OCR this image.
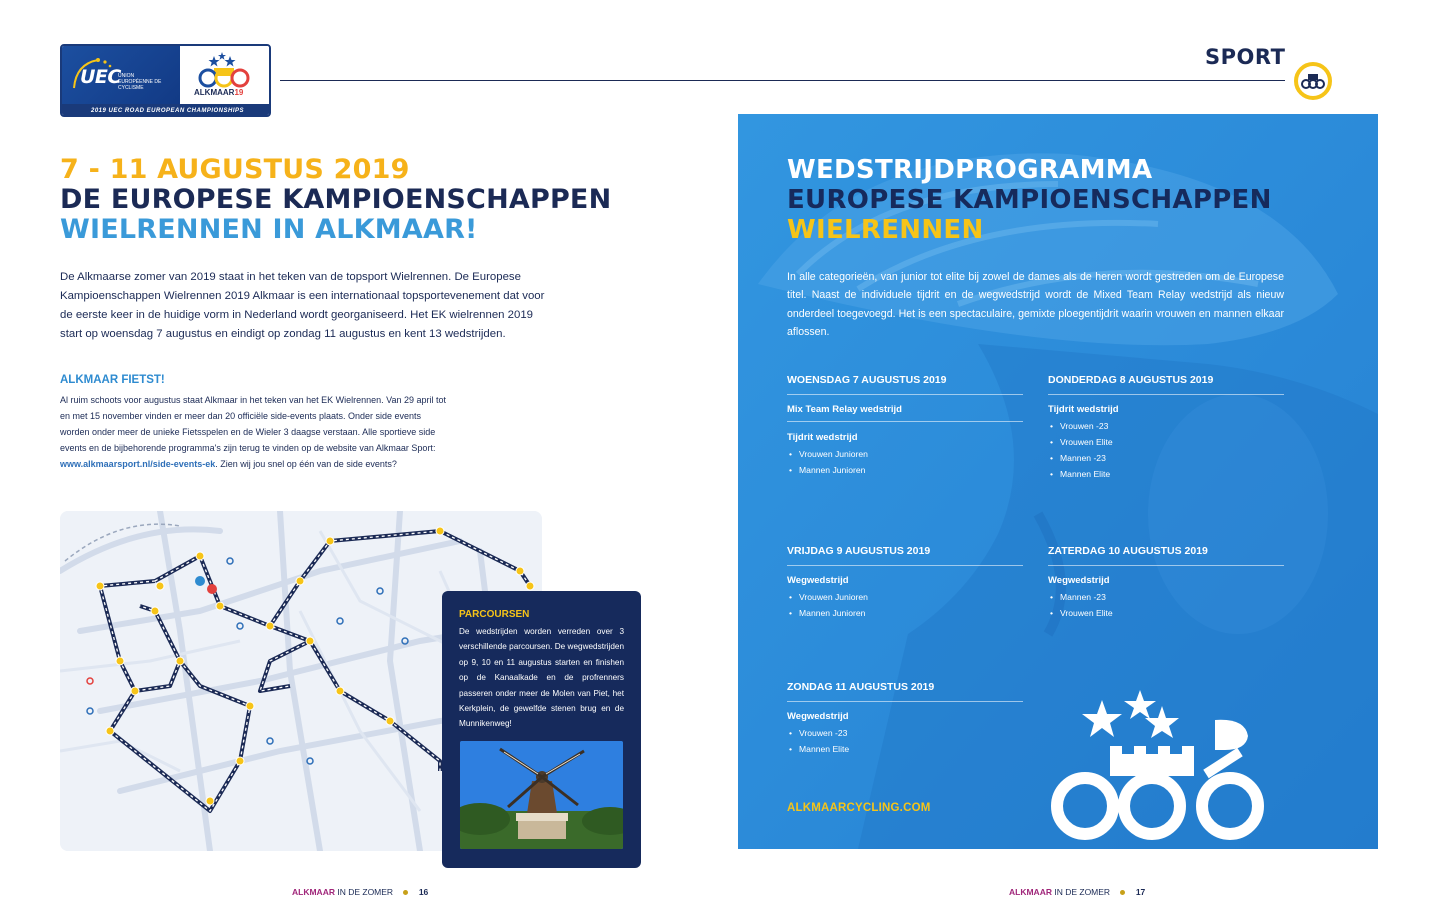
UEC
UNION EUROPÉENNE DE CYCLISME	ALKMAAR19
2019 UEC ROAD EUROPEAN CHAMPIONSHIPS
SPORT
7 - 11 AUGUSTUS 2019
DE EUROPESE KAMPIOENSCHAPPEN
WIELRENNEN IN ALKMAAR!

De Alkmaarse zomer van 2019 staat in het teken van de topsport Wielrennen. De Europese Kampioenschappen Wielrennen 2019 Alkmaar is een internationaal topsportevenement dat voor de eerste keer in de huidige vorm in Nederland wordt georganiseerd. Het EK wielrennen 2019 start op woensdag 7 augustus en eindigt op zondag 11 augustus en kent 13 wedstrijden.

ALKMAAR FIETST!

Al ruim schoots voor augustus staat Alkmaar in het teken van het EK Wielrennen. Van 29 april tot en met 15 november vinden er meer dan 20 officiële side-events plaats. Onder side events worden onder meer de unieke Fietsspelen en de Wieler 3 daagse verstaan. Alle sportieve side events en de bijbehorende programma's zijn terug te vinden op de website van Alkmaar Sport: www.alkmaarsport.nl/side-events-ek. Zien wij jou snel op één van de side events?

PARCOURSEN

De wedstrijden worden verreden over 3 verschillende parcoursen. De wegwedstrijden op 9, 10 en 11 augustus starten en finishen op de Kanaalkade en de profrenners passeren onder meer de Molen van Piet, het Kerkplein, de gewelfde stenen brug en de Munnikenweg!

ALKMAAR IN DE ZOMER	16
WEDSTRIJDPROGRAMMA
EUROPESE KAMPIOENSCHAPPEN
WIELRENNEN

In alle categorieën, van junior tot elite bij zowel de dames als de heren wordt gestreden om de Europese titel. Naast de individuele tijdrit en de wegwedstrijd wordt de Mixed Team Relay wedstrijd als nieuw onderdeel toegevoegd. Het is een spectaculaire, gemixte ploegentijdrit waarin vrouwen en mannen elkaar aflossen.

WOENSDAG 7 AUGUSTUS 2019
Mix Team Relay wedstrijd
Tijdrit wedstrijd
• Vrouwen Junioren
• Mannen Junioren
DONDERDAG 8 AUGUSTUS 2019
Tijdrit wedstrijd
• Vrouwen -23
• Vrouwen Elite
• Mannen -23
• Mannen Elite
VRIJDAG 9 AUGUSTUS 2019
Wegwedstrijd
• Vrouwen Junioren
• Mannen Junioren
ZATERDAG 10 AUGUSTUS 2019
Wegwedstrijd
• Mannen -23
• Vrouwen Elite
ZONDAG 11 AUGUSTUS 2019
Wegwedstrijd
• Vrouwen -23
• Mannen Elite
ALKMAARCYCLING.COM
ALKMAAR IN DE ZOMER	17
